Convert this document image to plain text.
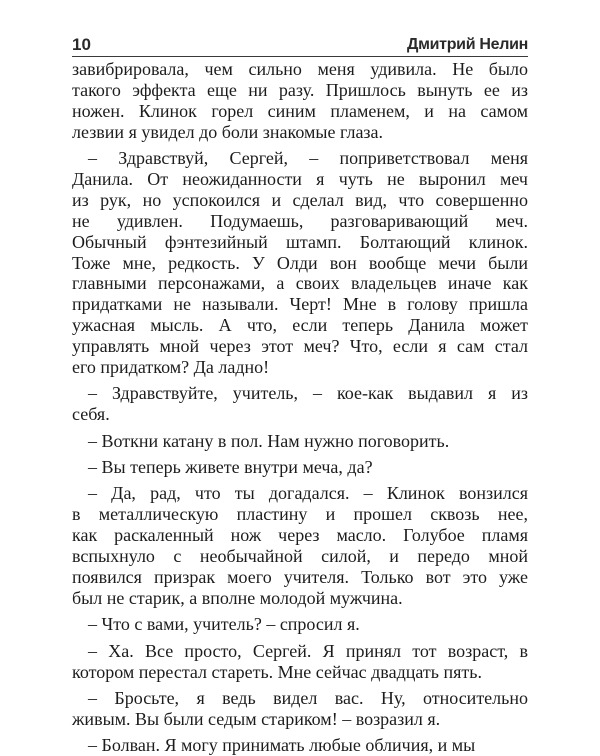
10	Дмитрий Нелин
завибрировала, чем сильно меня удивила. Не было
такого эффекта еще ни разу. Пришлось вынуть ее из
ножен. Клинок горел синим пламенем, и на самом
лезвии я увидел до боли знакомые глаза.
– Здравствуй, Сергей, – поприветствовал меня
Данила. От неожиданности я чуть не выронил меч
из рук, но успокоился и сделал вид, что совершенно
не удивлен. Подумаешь, разговаривающий меч.
Обычный фэнтезийный штамп. Болтающий клинок.
Тоже мне, редкость. У Олди вон вообще мечи были
главными персонажами, а своих владельцев иначе как
придатками не называли. Черт! Мне в голову пришла
ужасная мысль. А что, если теперь Данила может
управлять мной через этот меч? Что, если я сам стал
его придатком? Да ладно!
– Здравствуйте, учитель, – кое-как выдавил я из
себя.
– Воткни катану в пол. Нам нужно поговорить.
– Вы теперь живете внутри меча, да?
– Да, рад, что ты догадался. – Клинок вонзился
в металлическую пластину и прошел сквозь нее,
как раскаленный нож через масло. Голубое пламя
вспыхнуло с необычайной силой, и передо мной
появился призрак моего учителя. Только вот это уже
был не старик, а вполне молодой мужчина.
– Что с вами, учитель? – спросил я.
– Ха. Все просто, Сергей. Я принял тот возраст, в
котором перестал стареть. Мне сейчас двадцать пять.
– Бросьте, я ведь видел вас. Ну, относительно
живым. Вы были седым стариком! – возразил я.
– Болван. Я могу принимать любые обличия, и мы
